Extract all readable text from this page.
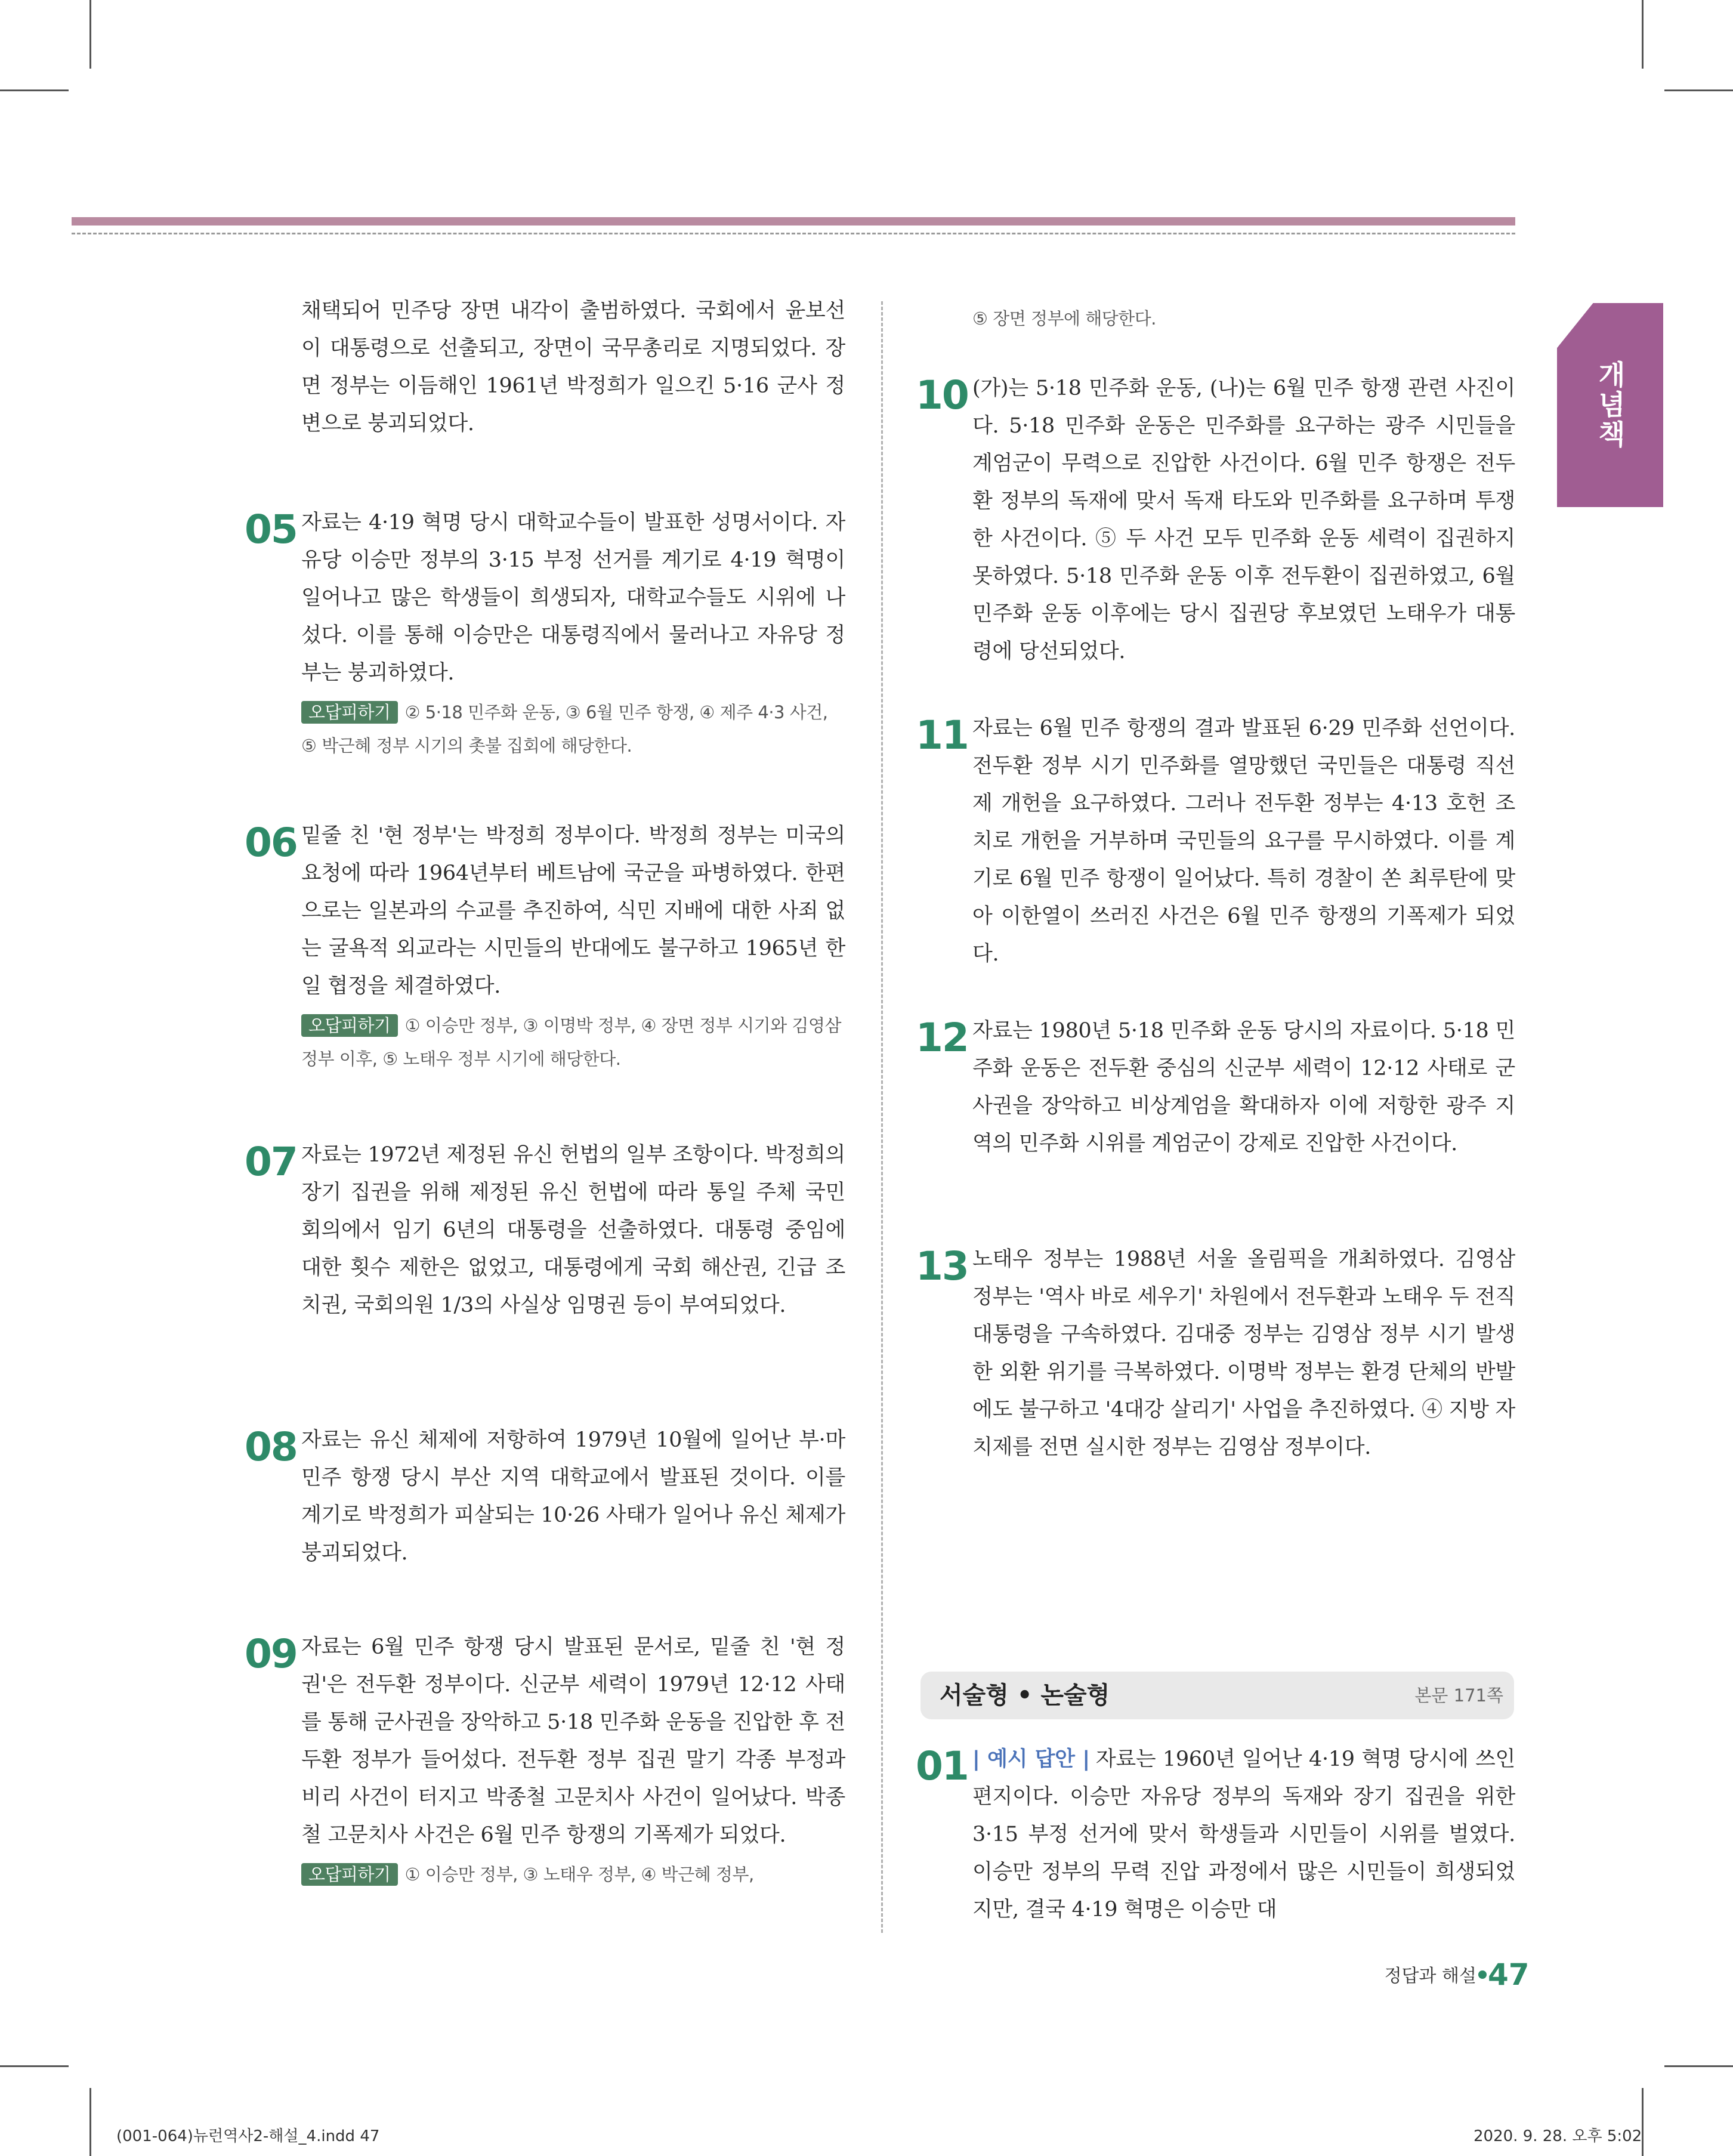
개념책
채택되어 민주당 장면 내각이 출범하였다. 국회에서 윤보선이 대통령으로 선출되고, 장면이 국무총리로 지명되었다. 장면 정부는 이듬해인 1961년 박정희가 일으킨 5·16 군사 정변으로 붕괴되었다.
05 자료는 4·19 혁명 당시 대학교수들이 발표한 성명서이다. 자유당 이승만 정부의 3·15 부정 선거를 계기로 4·19 혁명이 일어나고 많은 학생들이 희생되자, 대학교수들도 시위에 나섰다. 이를 통해 이승만은 대통령직에서 물러나고 자유당 정부는 붕괴하였다.
오답피하기 ② 5·18 민주화 운동, ③ 6월 민주 항쟁, ④ 제주 4·3 사건, ⑤ 박근혜 정부 시기의 촛불 집회에 해당한다.
06 밑줄 친 '현 정부'는 박정희 정부이다. 박정희 정부는 미국의 요청에 따라 1964년부터 베트남에 국군을 파병하였다. 한편으로는 일본과의 수교를 추진하여, 식민 지배에 대한 사죄 없는 굴욕적 외교라는 시민들의 반대에도 불구하고 1965년 한일 협정을 체결하였다.
오답피하기 ① 이승만 정부, ③ 이명박 정부, ④ 장면 정부 시기와 김영삼 정부 이후, ⑤ 노태우 정부 시기에 해당한다.
07 자료는 1972년 제정된 유신 헌법의 일부 조항이다. 박정희의 장기 집권을 위해 제정된 유신 헌법에 따라 통일 주체 국민 회의에서 임기 6년의 대통령을 선출하였다. 대통령 중임에 대한 횟수 제한은 없었고, 대통령에게 국회 해산권, 긴급 조치권, 국회의원 1/3의 사실상 임명권 등이 부여되었다.
08 자료는 유신 체제에 저항하여 1979년 10월에 일어난 부·마 민주 항쟁 당시 부산 지역 대학교에서 발표된 것이다. 이를 계기로 박정희가 피살되는 10·26 사태가 일어나 유신 체제가 붕괴되었다.
09 자료는 6월 민주 항쟁 당시 발표된 문서로, 밑줄 친 '현 정권'은 전두환 정부이다. 신군부 세력이 1979년 12·12 사태를 통해 군사권을 장악하고 5·18 민주화 운동을 진압한 후 전두환 정부가 들어섰다. 전두환 정부 집권 말기 각종 부정과 비리 사건이 터지고 박종철 고문치사 사건이 일어났다. 박종철 고문치사 사건은 6월 민주 항쟁의 기폭제가 되었다.
오답피하기 ① 이승만 정부, ③ 노태우 정부, ④ 박근혜 정부,
⑤ 장면 정부에 해당한다.
10 (가)는 5·18 민주화 운동, (나)는 6월 민주 항쟁 관련 사진이다. 5·18 민주화 운동은 민주화를 요구하는 광주 시민들을 계엄군이 무력으로 진압한 사건이다. 6월 민주 항쟁은 전두환 정부의 독재에 맞서 독재 타도와 민주화를 요구하며 투쟁한 사건이다. ⑤ 두 사건 모두 민주화 운동 세력이 집권하지 못하였다. 5·18 민주화 운동 이후 전두환이 집권하였고, 6월 민주화 운동 이후에는 당시 집권당 후보였던 노태우가 대통령에 당선되었다.
11 자료는 6월 민주 항쟁의 결과 발표된 6·29 민주화 선언이다. 전두환 정부 시기 민주화를 열망했던 국민들은 대통령 직선제 개헌을 요구하였다. 그러나 전두환 정부는 4·13 호헌 조치로 개헌을 거부하며 국민들의 요구를 무시하였다. 이를 계기로 6월 민주 항쟁이 일어났다. 특히 경찰이 쏜 최루탄에 맞아 이한열이 쓰러진 사건은 6월 민주 항쟁의 기폭제가 되었다.
12 자료는 1980년 5·18 민주화 운동 당시의 자료이다. 5·18 민주화 운동은 전두환 중심의 신군부 세력이 12·12 사태로 군사권을 장악하고 비상계엄을 확대하자 이에 저항한 광주 지역의 민주화 시위를 계엄군이 강제로 진압한 사건이다.
13 노태우 정부는 1988년 서울 올림픽을 개최하였다. 김영삼 정부는 '역사 바로 세우기' 차원에서 전두환과 노태우 두 전직 대통령을 구속하였다. 김대중 정부는 김영삼 정부 시기 발생한 외환 위기를 극복하였다. 이명박 정부는 환경 단체의 반발에도 불구하고 '4대강 살리기' 사업을 추진하였다. ④ 지방 자치제를 전면 실시한 정부는 김영삼 정부이다.
서술형 • 논술형	본문 171쪽
01 | 예시 답안 | 자료는 1960년 일어난 4·19 혁명 당시에 쓰인 편지이다. 이승만 자유당 정부의 독재와 장기 집권을 위한 3·15 부정 선거에 맞서 학생들과 시민들이 시위를 벌였다. 이승만 정부의 무력 진압 과정에서 많은 시민들이 희생되었지만, 결국 4·19 혁명은 이승만 대
정답과 해설 47
(001-064)뉴런역사2-해설_4.indd 47	2020. 9. 28. 오후 5:02
